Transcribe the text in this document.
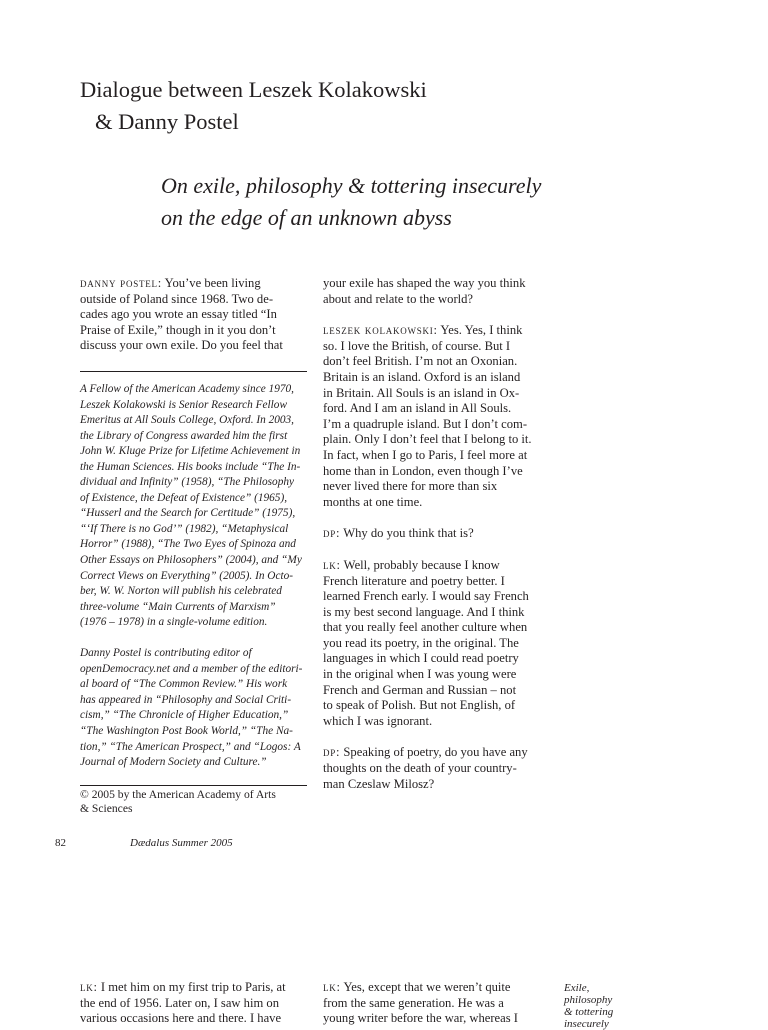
Dialogue between Leszek Kolakowski
& Danny Postel
On exile, philosophy & tottering insecurely
on the edge of an unknown abyss
danny postel: You’ve been living
outside of Poland since 1968. Two de-
cades ago you wrote an essay titled “In
Praise of Exile,” though in it you don’t
discuss your own exile. Do you feel that

A Fellow of the American Academy since 1970,
Leszek Kolakowski is Senior Research Fellow
Emeritus at All Souls College, Oxford. In 2003,
the Library of Congress awarded him the first
John W. Kluge Prize for Lifetime Achievement in
the Human Sciences. His books include “The In-
dividual and Infinity” (1958), “The Philosophy
of Existence, the Defeat of Existence” (1965),
“Husserl and the Search for Certitude” (1975),
“‘If There is no God’” (1982), “Metaphysical
Horror” (1988), “The Two Eyes of Spinoza and
Other Essays on Philosophers” (2004), and “My
Correct Views on Everything” (2005). In Octo-
ber, W. W. Norton will publish his celebrated
three-volume “Main Currents of Marxism”
(1976 – 1978) in a single-volume edition.

Danny Postel is contributing editor of
openDemocracy.net and a member of the editori-
al board of “The Common Review.” His work
has appeared in “Philosophy and Social Criti-
cism,” “The Chronicle of Higher Education,”
“The Washington Post Book World,” “The Na-
tion,” “The American Prospect,” and “Logos: A
Journal of Modern Society and Culture.”

© 2005 by the American Academy of Arts
& Sciences
your exile has shaped the way you think
about and relate to the world?
leszek kolakowski: Yes. Yes, I think
so. I love the British, of course. But I
don’t feel British. I’m not an Oxonian.
Britain is an island. Oxford is an island
in Britain. All Souls is an island in Ox-
ford. And I am an island in All Souls.
I’m a quadruple island. But I don’t com-
plain. Only I don’t feel that I belong to it.
In fact, when I go to Paris, I feel more at
home than in London, even though I’ve
never lived there for more than six
months at one time.
dp: Why do you think that is?
lk: Well, probably because I know
French literature and poetry better. I
learned French early. I would say French
is my best second language. And I think
that you really feel another culture when
you read its poetry, in the original. The
languages in which I could read poetry
in the original when I was young were
French and German and Russian – not
to speak of Polish. But not English, of
which I was ignorant.
dp: Speaking of poetry, do you have any
thoughts on the death of your country-
man Czeslaw Milosz?
82	Dædalus Summer 2005
lk: I met him on my first trip to Paris, at
the end of 1956. Later on, I saw him on
various occasions here and there. I have
lk: Yes, except that we weren’t quite
from the same generation. He was a
young writer before the war, whereas I
Exile,
philosophy
& tottering
insecurely
